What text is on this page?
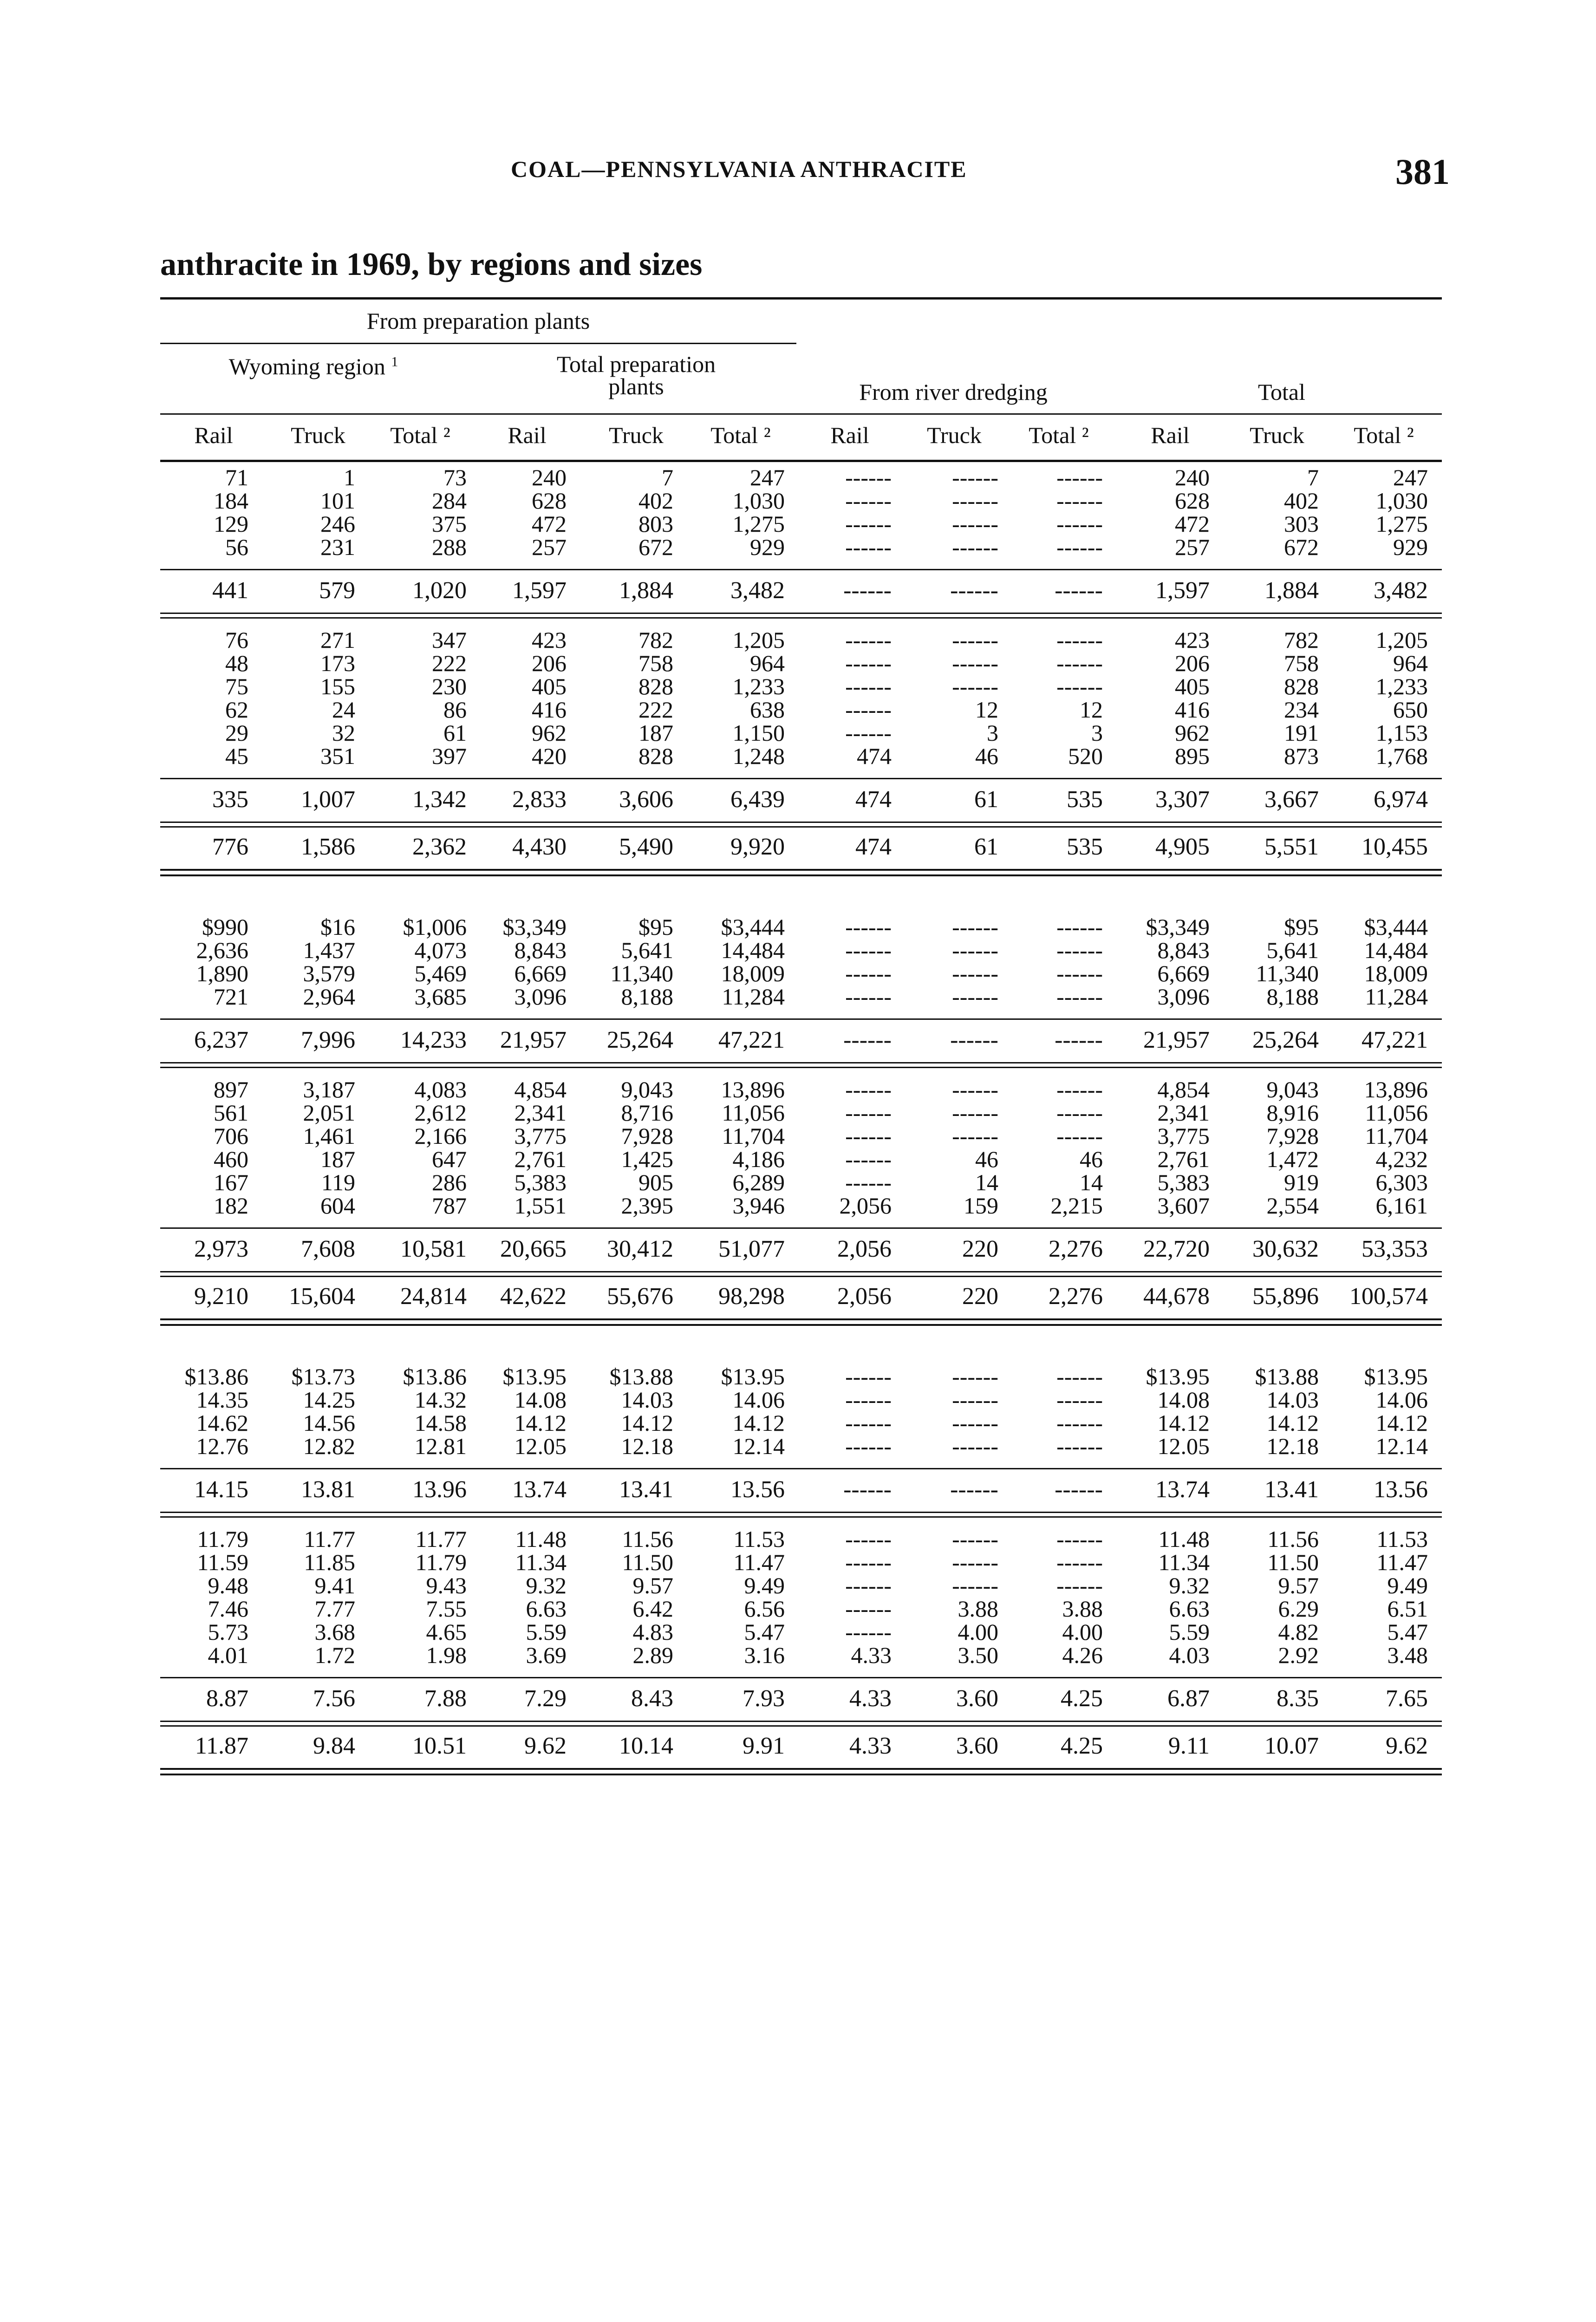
COAL—PENNSYLVANIA ANTHRACITE	381
anthracite in 1969, by regions and sizes
From preparation plants
Wyoming region $^1$	Total preparation
plants	From river dredging	Total
Rail Truck Total ² Rail	Truck Total ²	Rail Truck Total ²	Rail	Truck Total ²
71	1	73	240	7	247	------	------	------	240	7	247
184	101	284	628	402	1,030	------	------	------	628	402 1,030
129	246	375	472	803	1,275	------	------	------	472	303 1,275
56	231	288	257	672	929	------	------	------	257	672	929
441	579 1,020 1,597 1,884 3,482 ------ ------ ------ 1,597 1,884 3,482
76	271	347	423	782	1,205	------	------	------	423	782 1,205
48	173	222	206	758	964	------	------	------	206	758	964
75	155	230	405	828	1,233	------	------	------	405	828 1,233
62	24	86	416	222	638	------	12	12	416	234	650
29	32	61	962	187	1,150	------	3	3	962	191 1,153
45	351	397	420	828	1,248	474	46	520	895	873 1,768
335 1,007 1,342 2,833 3,606 6,439	474	61	535 3,307 3,667 6,974
776 1,586 2,362 4,430 5,490 9,920	474	61	535 4,905 5,551 10,455
$990	$16 $1,006 $3,349	$95 $3,444	------	------	------ $3,349	$95 $3,444
2,636 1,437	4,073 8,843 5,641 14,484	------	------	------ 8,843 5,641 14,484
1,890 3,579	5,469 6,669 11,340 18,009	------	------	------ 6,669 11,340 18,009
721 2,964	3,685 3,096 8,188 11,284	------	------	------ 3,096 8,188 11,284
6,237 7,996 14,233 21,957 25,264 47,221 ------ ------ ------ 21,957 25,264 47,221
897 3,187	4,083 4,854 9,043 13,896	------	------	------ 4,854 9,043 13,896
561 2,051	2,612 2,341 8,716 11,056	------	------	------ 2,341 8,916 11,056
706 1,461	2,166 3,775 7,928 11,704	------	------	------ 3,775 7,928 11,704
460	187	647 2,761 1,425	4,186	------	46	46 2,761 1,472 4,232
167	119	286 5,383	905	6,289	------	14	14 5,383	919 6,303
182	604	787 1,551 2,395	3,946 2,056	159 2,215 3,607 2,554 6,161
2,973 7,608 10,581 20,665 30,412 51,077 2,056	220 2,276 22,720 30,632 53,353
9,210 15,604 24,814 42,622 55,676 98,298 2,056	220 2,276 44,678 55,896 100,574
$13.86 $13.73 $13.86 $13.95 $13.88 $13.95	------	------	------ $13.95 $13.88 $13.95
14.35 14.25	14.32 14.08 14.03	14.06	------	------	------ 14.08 14.03 14.06
14.62 14.56	14.58 14.12 14.12	14.12	------	------	------ 14.12 14.12 14.12
12.76 12.82	12.81 12.05 12.18	12.14	------	------	------ 12.05 12.18 12.14
14.15 13.81 13.96 13.74 13.41 13.56 ------ ------ ------ 13.74 13.41 13.56
11.79 11.77	11.77 11.48 11.56	11.53	------	------	------ 11.48 11.56 11.53
11.59 11.85	11.79 11.34 11.50	11.47	------	------	------ 11.34 11.50 11.47
9.48	9.41	9.43	9.32	9.57	9.49	------	------	------	9.32	9.57	9.49
7.46	7.77	7.55	6.63	6.42	6.56	------	3.88	3.88	6.63	6.29	6.51
5.73	3.68	4.65	5.59	4.83	5.47	------	4.00	4.00	5.59	4.82	5.47
4.01	1.72	1.98	3.69	2.89	3.16	4.33	3.50	4.26	4.03	2.92	3.48
8.87	7.56	7.88 7.29	8.43	7.93	4.33	3.60	4.25	6.87	8.35	7.65
11.87	9.84 10.51 9.62 10.14	9.91	4.33	3.60	4.25	9.11 10.07	9.62
